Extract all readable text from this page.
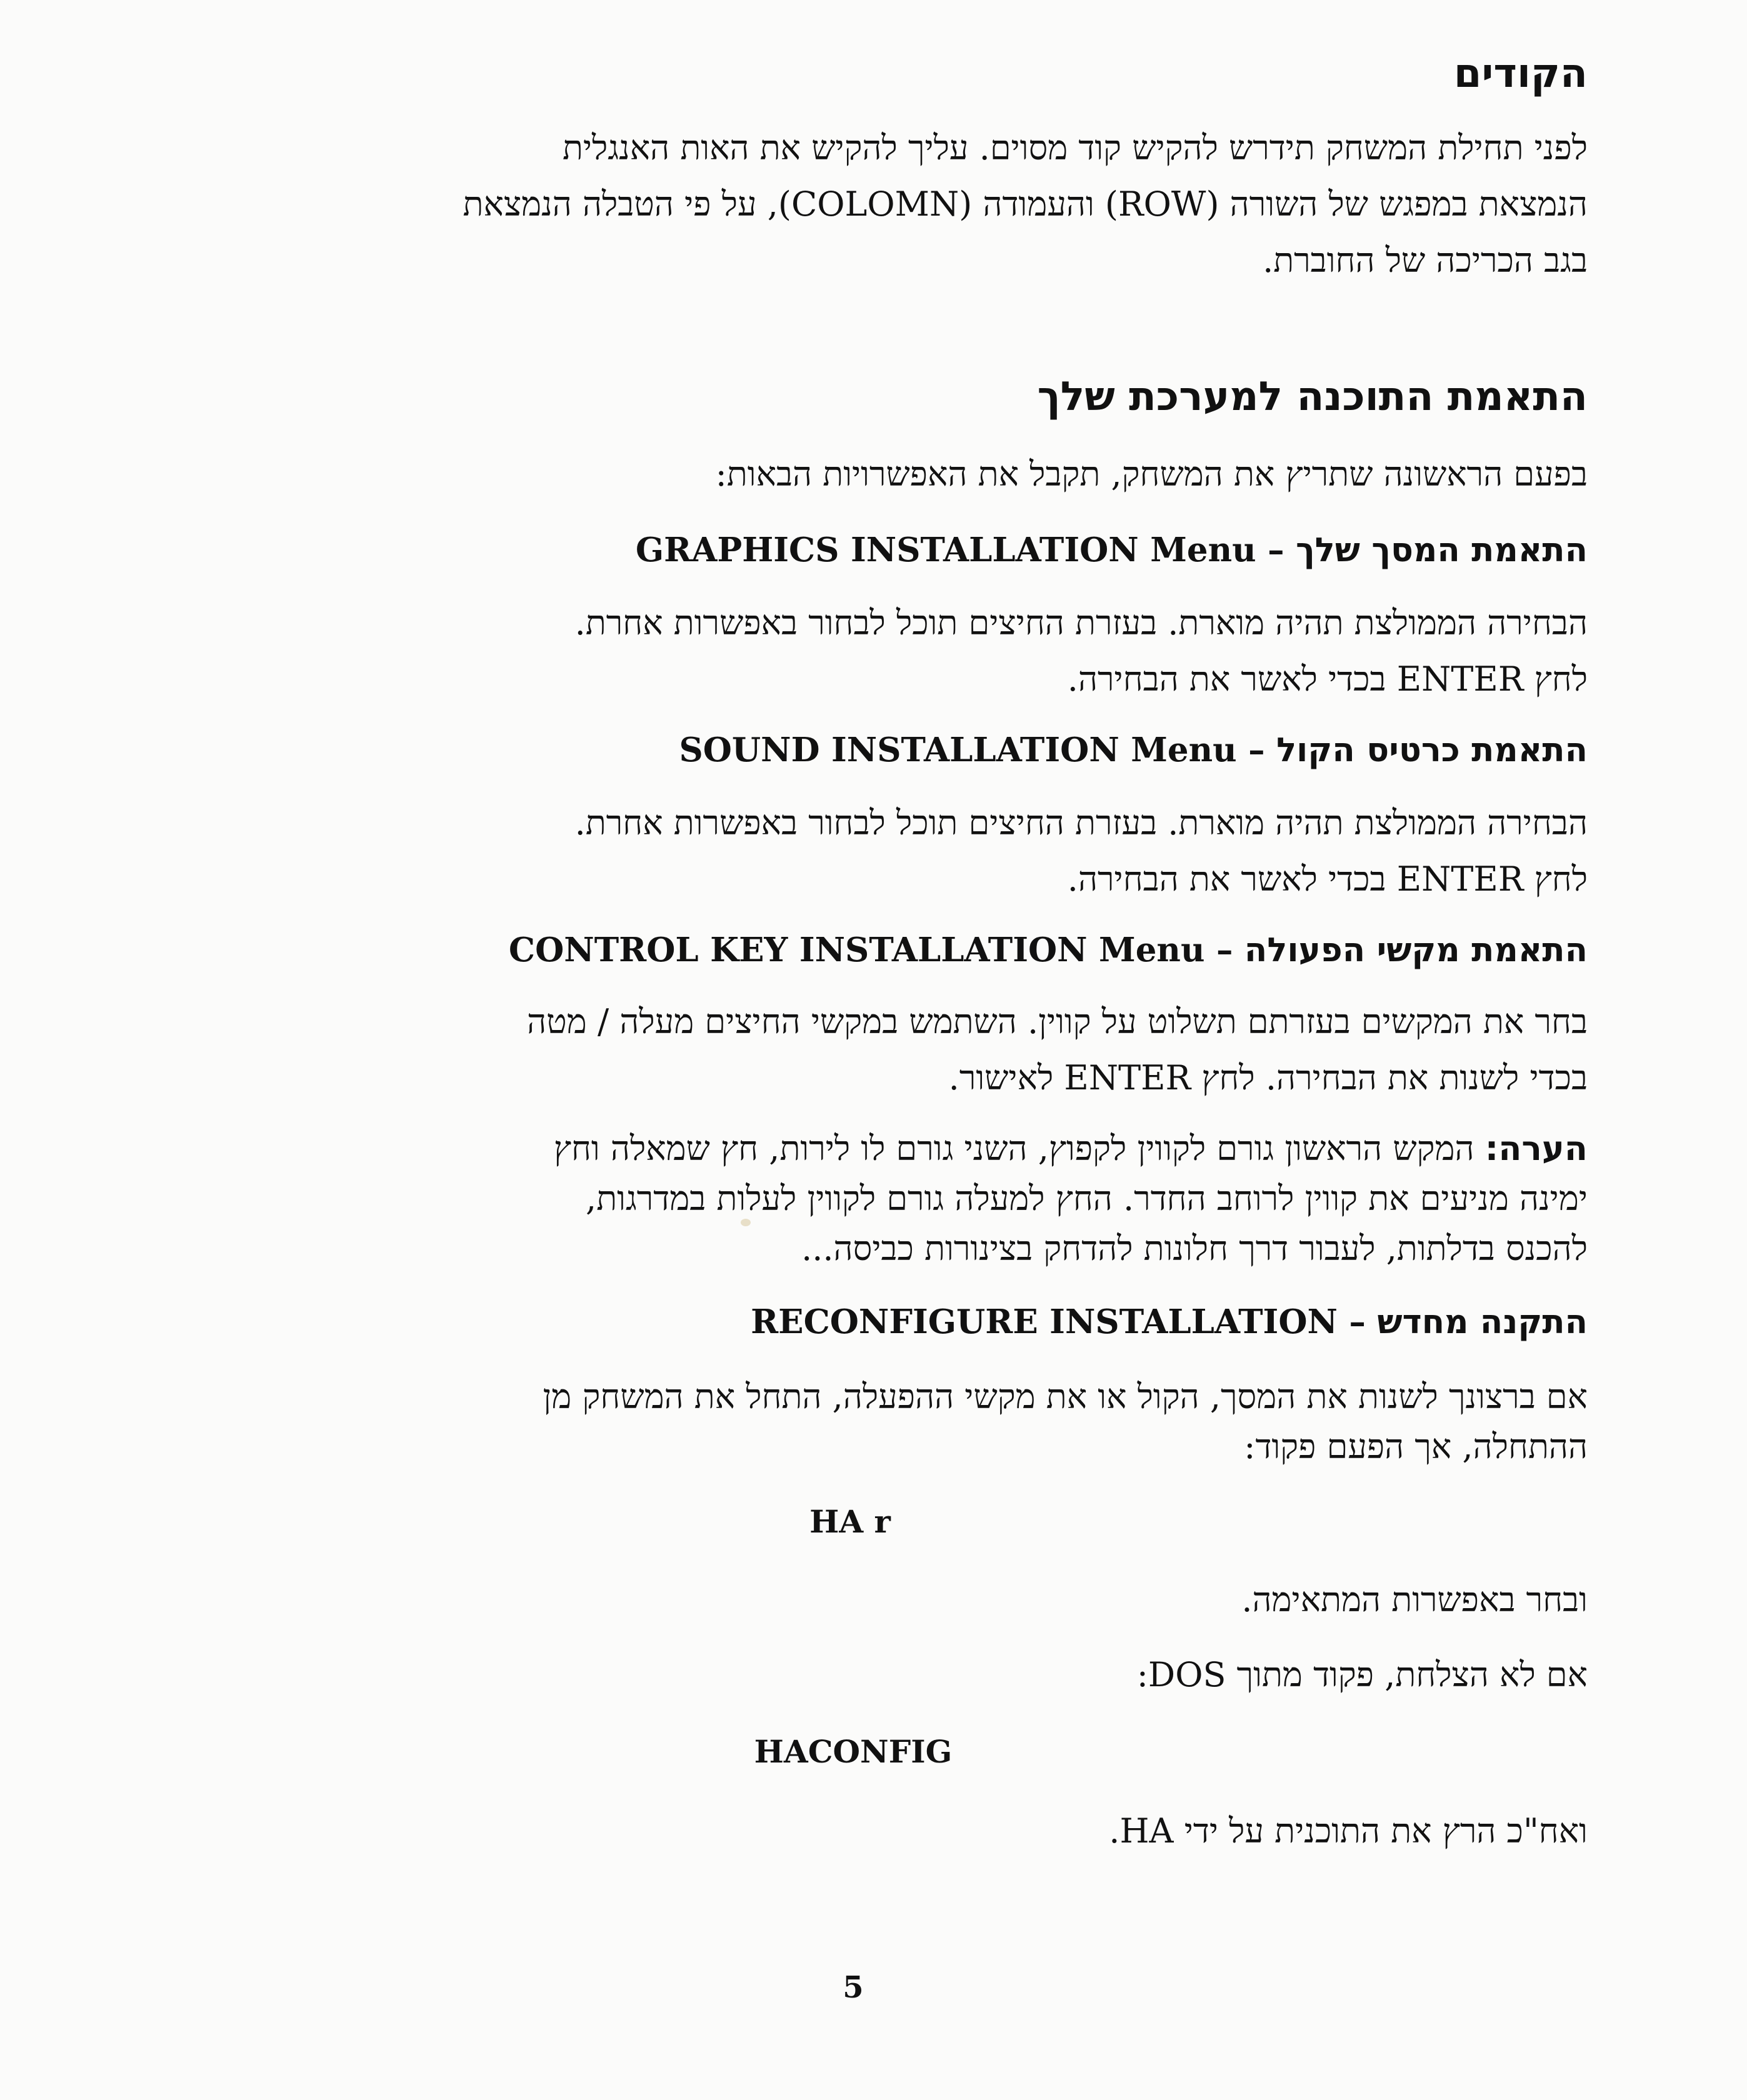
הקודים
לפני תחילת המשחק תידרש להקיש קוד מסוים. עליך להקיש את האות האנגלית
הנמצאת במפגש של השורה (ROW) והעמודה (COLOMN), על פי הטבלה הנמצאת
בגב הכריכה של החוברת.
התאמת התוכנה למערכת שלך
בפעם הראשונה שתריץ את המשחק, תקבל את האפשרויות הבאות:
התאמת המסך שלך – GRAPHICS INSTALLATION Menu
הבחירה הממולצת תהיה מוארת. בעזרת החיצים תוכל לבחור באפשרות אחרת.
לחץ ENTER בכדי לאשר את הבחירה.
התאמת כרטיס הקול – SOUND INSTALLATION Menu
הבחירה הממולצת תהיה מוארת. בעזרת החיצים תוכל לבחור באפשרות אחרת.
לחץ ENTER בכדי לאשר את הבחירה.
התאמת מקשי הפעולה – CONTROL KEY INSTALLATION Menu
בחר את המקשים בעזרתם תשלוט על קווין. השתמש במקשי החיצים מעלה / מטה
בכדי לשנות את הבחירה. לחץ ENTER לאישור.
הערה: המקש הראשון גורם לקווין לקפוץ, השני גורם לו לירות, חץ שמאלה וחץ
ימינה מניעים את קווין לרוחב החדר. החץ למעלה גורם לקווין לעלות במדרגות,
להכנס בדלתות, לעבור דרך חלונות להדחק בצינורות כביסה...
התקנה מחדש – RECONFIGURE INSTALLATION
אם ברצונך לשנות את המסך, הקול או את מקשי ההפעלה, התחל את המשחק מן
ההתחלה, אך הפעם פקוד:
HA r
ובחר באפשרות המתאימה.
אם לא הצלחת, פקוד מתוך DOS:
HACONFIG
ואח"כ הרץ את התוכנית על ידי HA.
5
